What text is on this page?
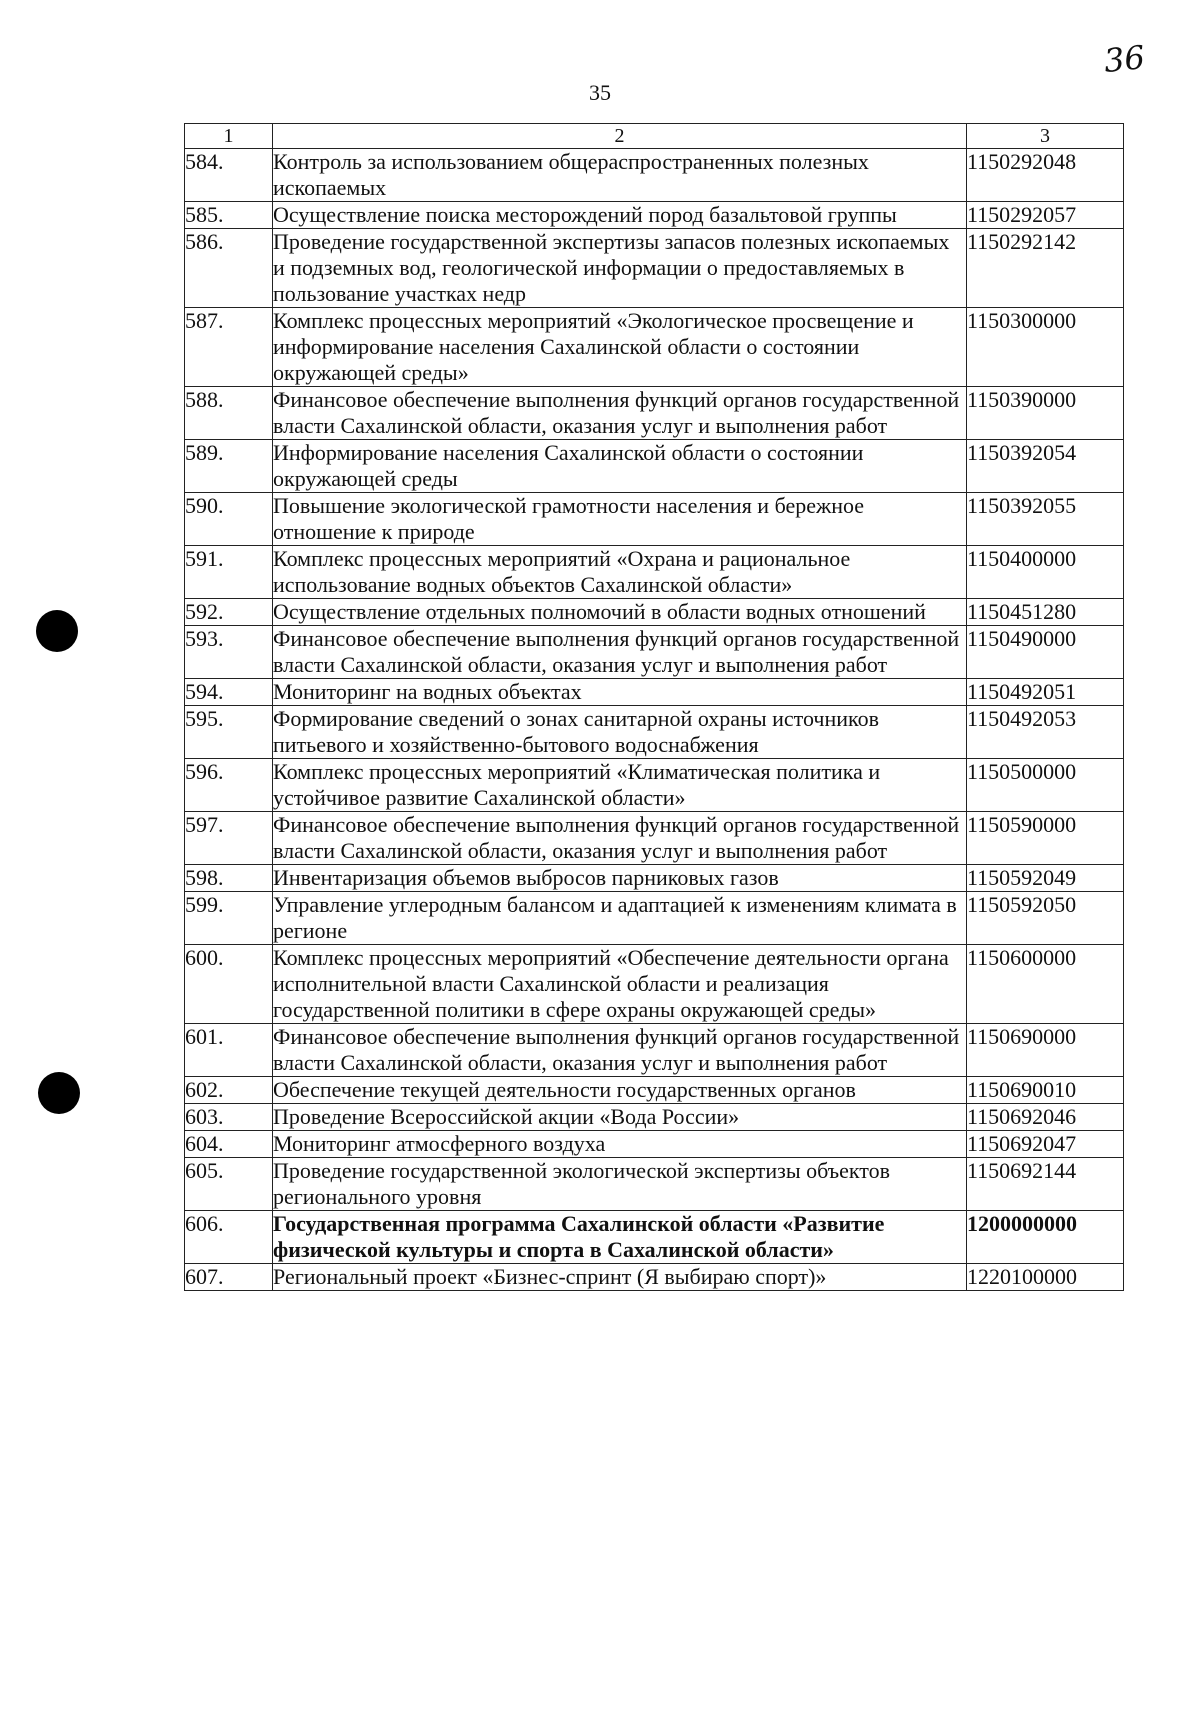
35
36
1	2	3
584.	Контроль за использованием общераспространенных полезных ископаемых	1150292048
585.	Осуществление поиска месторождений пород базальтовой группы	1150292057
586.	Проведение государственной экспертизы запасов полезных ископаемых и подземных вод, геологической информации о предоставляемых в пользование участках недр	1150292142
587.	Комплекс процессных мероприятий «Экологическое просвещение и информирование населения Сахалинской области о состоянии окружающей среды»	1150300000
588.	Финансовое обеспечение выполнения функций органов государственной власти Сахалинской области, оказания услуг и выполнения работ	1150390000
589.	Информирование населения Сахалинской области о состоянии окружающей среды	1150392054
590.	Повышение экологической грамотности населения и бережное отношение к природе	1150392055
591.	Комплекс процессных мероприятий «Охрана и рациональное использование водных объектов Сахалинской области»	1150400000
592.	Осуществление отдельных полномочий в области водных отношений	1150451280
593.	Финансовое обеспечение выполнения функций органов государственной власти Сахалинской области, оказания услуг и выполнения работ	1150490000
594.	Мониторинг на водных объектах	1150492051
595.	Формирование сведений о зонах санитарной охраны источников питьевого и хозяйственно-бытового водоснабжения	1150492053
596.	Комплекс процессных мероприятий «Климатическая политика и устойчивое развитие Сахалинской области»	1150500000
597.	Финансовое обеспечение выполнения функций органов государственной власти Сахалинской области, оказания услуг и выполнения работ	1150590000
598.	Инвентаризация объемов выбросов парниковых газов	1150592049
599.	Управление углеродным балансом и адаптацией к изменениям климата в регионе	1150592050
600.	Комплекс процессных мероприятий «Обеспечение деятельности органа исполнительной власти Сахалинской области и реализация государственной политики в сфере охраны окружающей среды»	1150600000
601.	Финансовое обеспечение выполнения функций органов государственной власти Сахалинской области, оказания услуг и выполнения работ	1150690000
602.	Обеспечение текущей деятельности государственных органов	1150690010
603.	Проведение Всероссийской акции «Вода России»	1150692046
604.	Мониторинг атмосферного воздуха	1150692047
605.	Проведение государственной экологической экспертизы объектов регионального уровня	1150692144
606.	Государственная программа Сахалинской области «Развитие физической культуры и спорта в Сахалинской области»	1200000000
607.	Региональный проект «Бизнес-спринт (Я выбираю спорт)»	1220100000
